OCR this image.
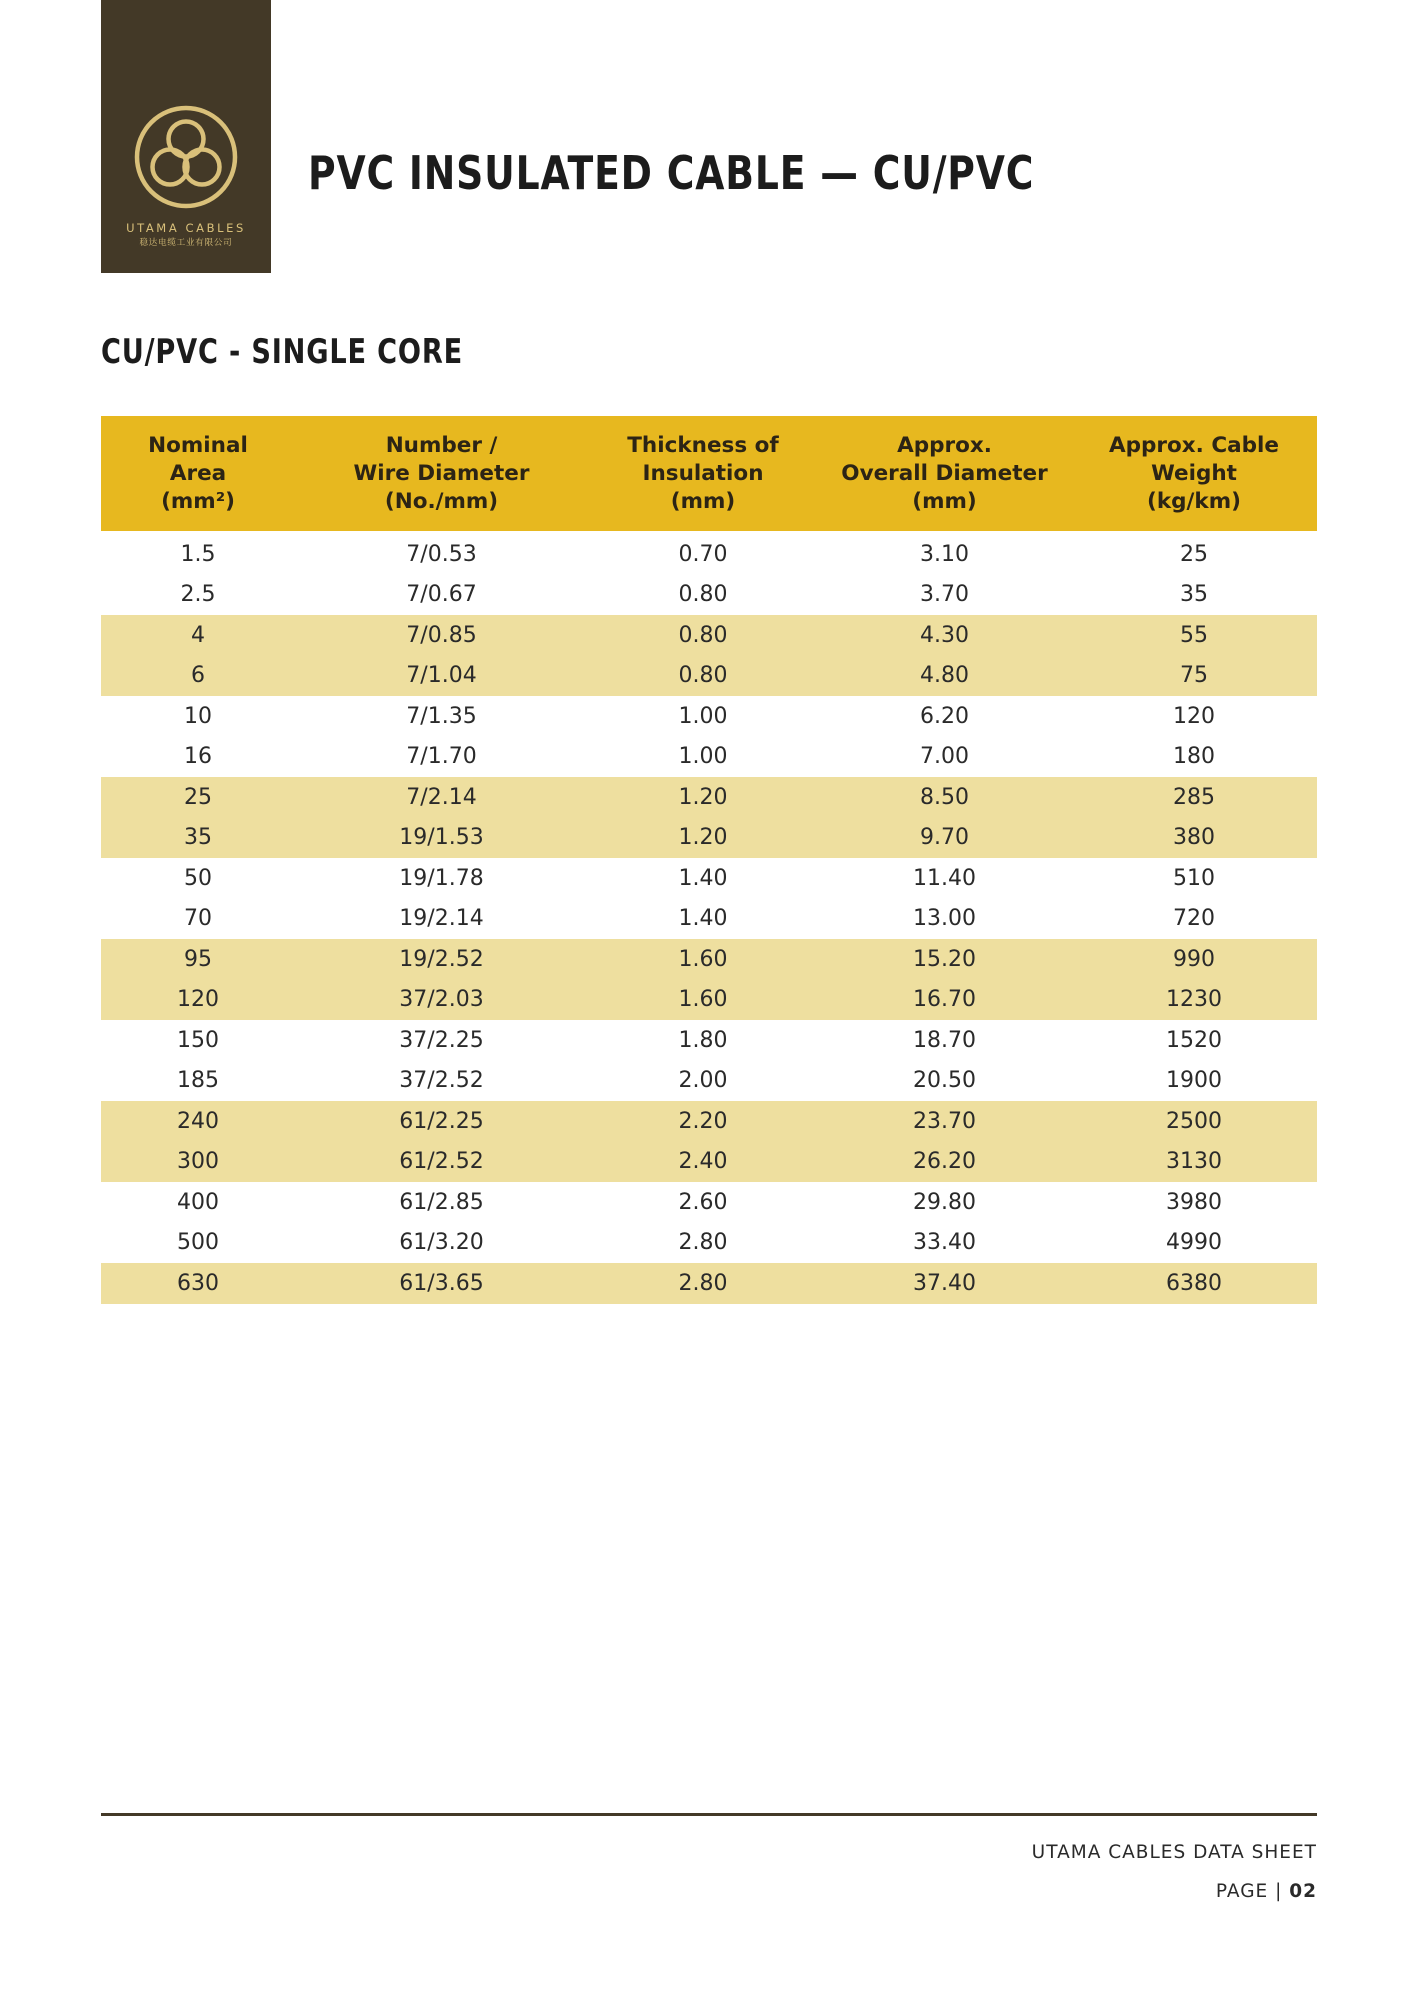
UTAMA CABLES
稳达电缆工业有限公司
PVC INSULATED CABLE — CU/PVC
CU/PVC - SINGLE CORE
Nominal
Area
(mm²)	Number /
Wire Diameter
(No./mm)	Thickness of
Insulation
(mm)	Approx.
Overall Diameter
(mm)	Approx. Cable
Weight
(kg/km)

1.5	7/0.53	0.70	3.10	25
2.5	7/0.67	0.80	3.70	35
4	7/0.85	0.80	4.30	55
6	7/1.04	0.80	4.80	75
10	7/1.35	1.00	6.20	120
16	7/1.70	1.00	7.00	180
25	7/2.14	1.20	8.50	285
35	19/1.53	1.20	9.70	380
50	19/1.78	1.40	11.40	510
70	19/2.14	1.40	13.00	720
95	19/2.52	1.60	15.20	990
120	37/2.03	1.60	16.70	1230
150	37/2.25	1.80	18.70	1520
185	37/2.52	2.00	20.50	1900
240	61/2.25	2.20	23.70	2500
300	61/2.52	2.40	26.20	3130
400	61/2.85	2.60	29.80	3980
500	61/3.20	2.80	33.40	4990
630	61/3.65	2.80	37.40	6380
UTAMA CABLES DATA SHEET
PAGE | 02
